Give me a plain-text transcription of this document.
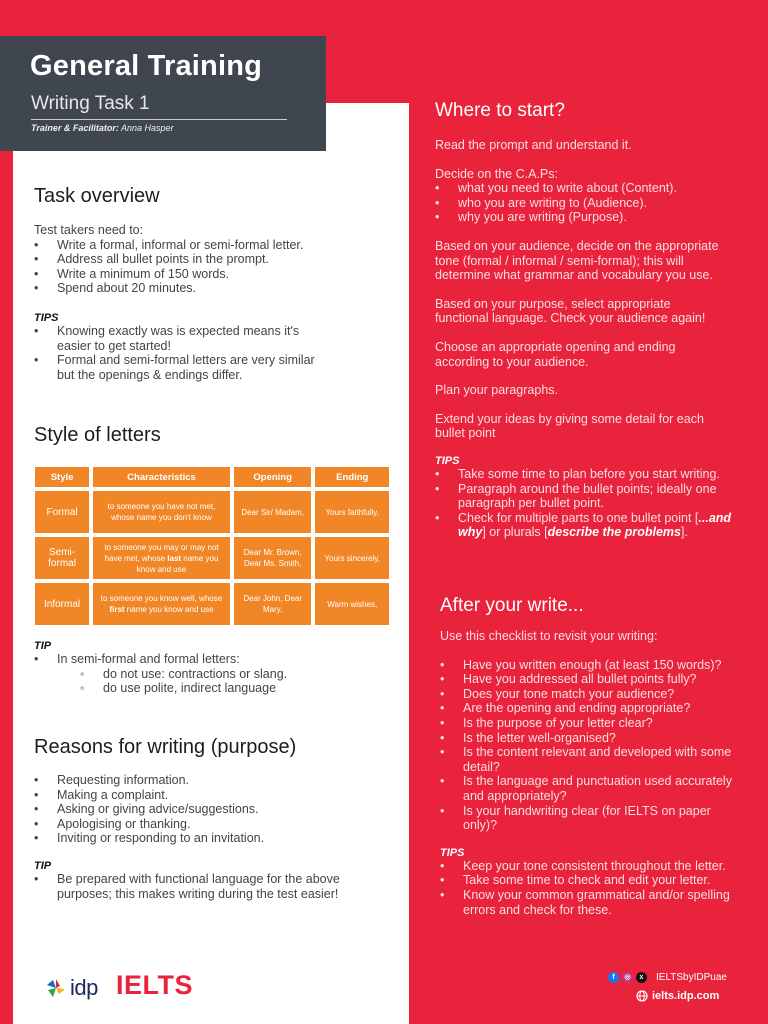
General Training
Writing Task 1
Trainer & Facilitator: Anna Hasper
Task overview
Test takers need to:
• Write a formal, informal or semi-formal letter.
• Address all bullet points in the prompt.
• Write a minimum of 150 words.
• Spend about 20 minutes.
TIPS
• Knowing exactly was is expected means it's easier to get started!
• Formal and semi-formal letters are very similar but the openings & endings differ.
Style of letters
Style	Characteristics	Opening	Ending
Formal	to someone you have not met, whose name you don't know	Dear Sir/ Madam,	Yours faithfully,
Semi-formal	to someone you may or may not have met, whose last name you know and use	Dear Mr. Brown, Dear Ms. Smith,	Yours sincerely,
Informal	to someone you know well, whose first name you know and use	Dear John, Dear Mary,	Warm wishes,
TIP
• In semi-formal and formal letters:
◦ do not use: contractions or slang.
◦ do use polite, indirect language
Reasons for writing (purpose)
• Requesting information.
• Making a complaint.
• Asking or giving advice/suggestions.
• Apologising or thanking.
• Inviting or responding to an invitation.
TIP
• Be prepared with functional language for the above purposes; this makes writing during the test easier!
Where to start?
Read the prompt and understand it.
Decide on the C.A.Ps:
• what you need to write about (Content).
• who you are writing to (Audience).
• why you are writing (Purpose).
Based on your audience, decide on the appropriate tone (formal / informal / semi-formal); this will determine what grammar and vocabulary you use.
Based on your purpose, select appropriate functional language. Check your audience again!
Choose an appropriate opening and ending according to your audience.
Plan your paragraphs.
Extend your ideas by giving some detail for each bullet point
TIPS
• Take some time to plan before you start writing.
• Paragraph around the bullet points; ideally one paragraph per bullet point.
• Check for multiple parts to one bullet point [...and why] or plurals [describe the problems].
After your write...
Use this checklist to revisit your writing:
• Have you written enough (at least 150 words)?
• Have you addressed all bullet points fully?
• Does your tone match your audience?
• Are the opening and ending appropriate?
• Is the purpose of your letter clear?
• Is the letter well-organised?
• Is the content relevant and developed with some detail?
• Is the language and punctuation used accurately and appropriately?
• Is your handwriting clear (for IELTS on paper only)?
TIPS
• Keep your tone consistent throughout the letter.
• Take some time to check and edit your letter.
• Know your common grammatical and/or spelling errors and check for these.
idp IELTS	f	◎	x	IELTSbyIDPuae
ielts.idp.com
